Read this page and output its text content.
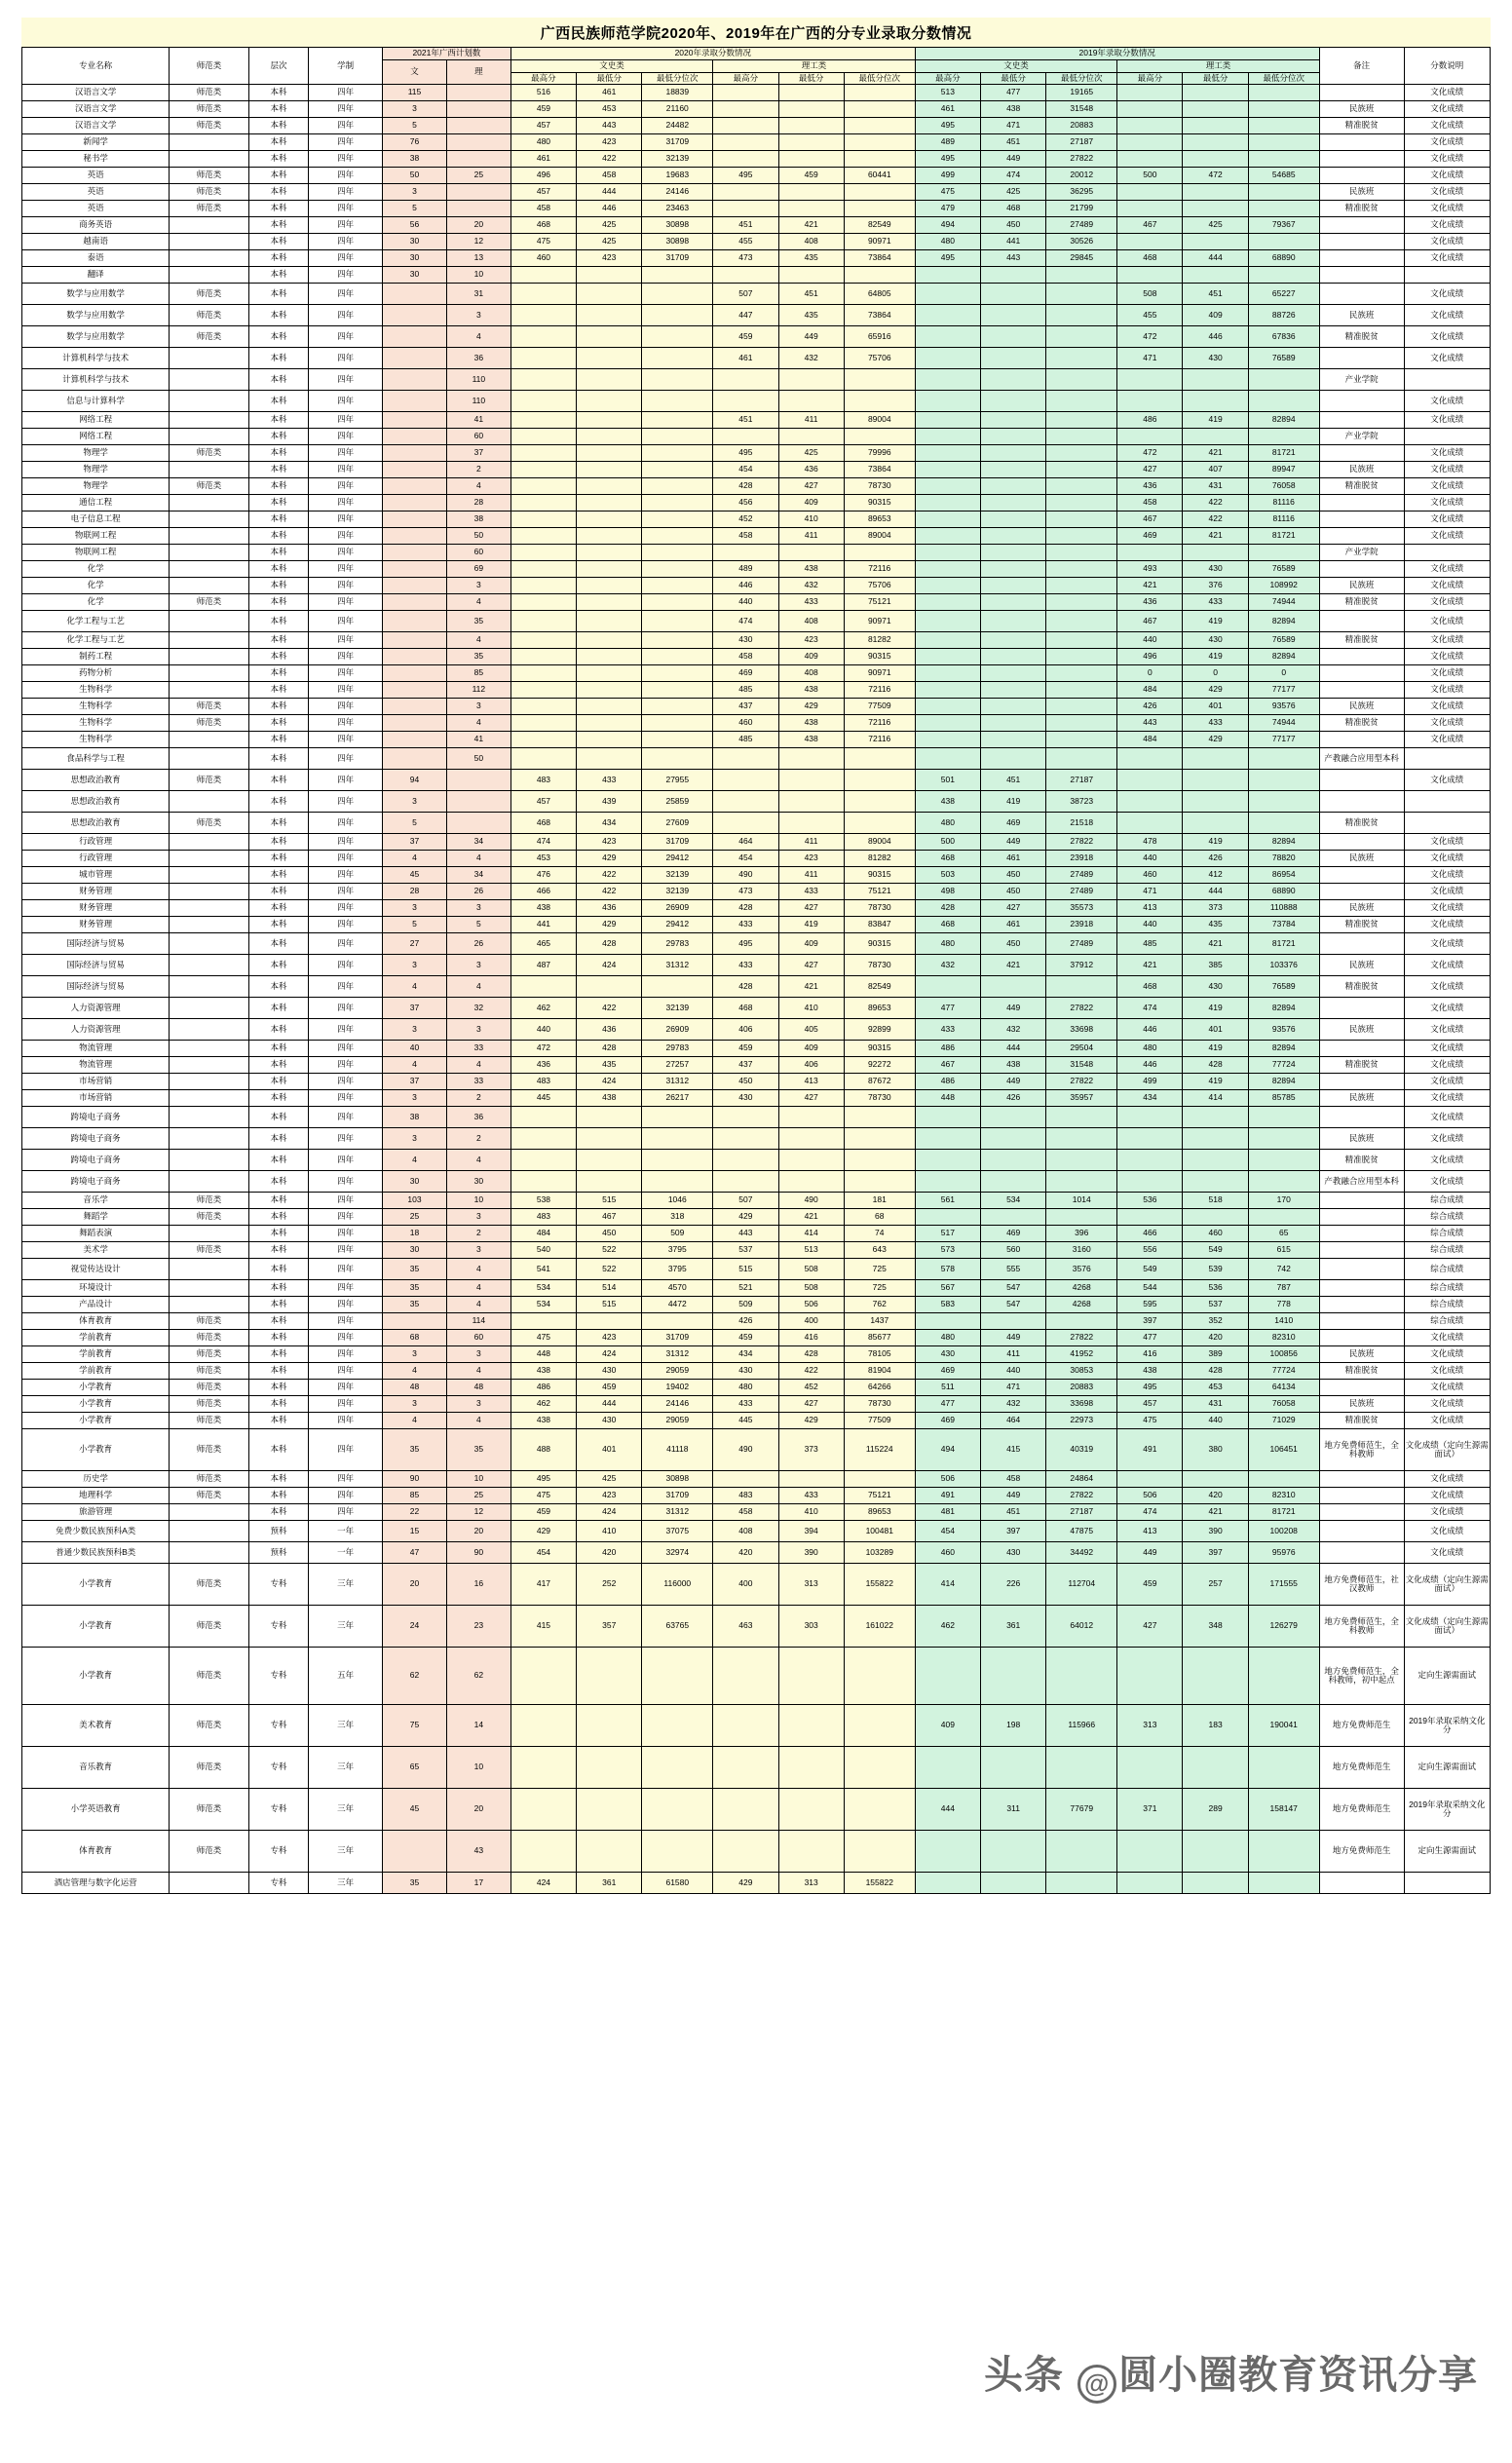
广西民族师范学院2020年、2019年在广西的分专业录取分数情况
专业名称	师范类	层次	学制	2021年广西计划数		2020年录取分数情况						2019年录取分数情况						备注	分数说明
				文	理	文史类			理工类			文史类			理工类				
						最高分	最低分	最低分位次	最高分	最低分	最低分位次	最高分	最低分	最低分位次	最高分	最低分	最低分位次		
汉语言文学	师范类	本科	四年	115		516	461	18839				513	477	19165					文化成绩
汉语言文学	师范类	本科	四年	3		459	453	21160				461	438	31548				民族班	文化成绩
汉语言文学	师范类	本科	四年	5		457	443	24482				495	471	20883				精准脱贫	文化成绩
新闻学		本科	四年	76		480	423	31709				489	451	27187					文化成绩
秘书学		本科	四年	38		461	422	32139				495	449	27822					文化成绩
英语	师范类	本科	四年	50	25	496	458	19683	495	459	60441	499	474	20012	500	472	54685		文化成绩
英语	师范类	本科	四年	3		457	444	24146				475	425	36295				民族班	文化成绩
英语	师范类	本科	四年	5		458	446	23463				479	468	21799				精准脱贫	文化成绩
商务英语		本科	四年	56	20	468	425	30898	451	421	82549	494	450	27489	467	425	79367		文化成绩
越南语		本科	四年	30	12	475	425	30898	455	408	90971	480	441	30526					文化成绩
泰语		本科	四年	30	13	460	423	31709	473	435	73864	495	443	29845	468	444	68890		文化成绩
翻译		本科	四年	30	10														
数学与应用数学	师范类	本科	四年		31				507	451	64805				508	451	65227		文化成绩
数学与应用数学	师范类	本科	四年		3				447	435	73864				455	409	88726	民族班	文化成绩
数学与应用数学	师范类	本科	四年		4				459	449	65916				472	446	67836	精准脱贫	文化成绩
计算机科学与技术		本科	四年		36				461	432	75706				471	430	76589		文化成绩
计算机科学与技术		本科	四年		110													产业学院	
信息与计算科学		本科	四年		110														文化成绩
网络工程		本科	四年		41				451	411	89004				486	419	82894		文化成绩
网络工程		本科	四年		60													产业学院	
物理学	师范类	本科	四年		37				495	425	79996				472	421	81721		文化成绩
物理学		本科	四年		2				454	436	73864				427	407	89947	民族班	文化成绩
物理学	师范类	本科	四年		4				428	427	78730				436	431	76058	精准脱贫	文化成绩
通信工程		本科	四年		28				456	409	90315				458	422	81116		文化成绩
电子信息工程		本科	四年		38				452	410	89653				467	422	81116		文化成绩
物联网工程		本科	四年		50				458	411	89004				469	421	81721		文化成绩
物联网工程		本科	四年		60													产业学院	
化学		本科	四年		69				489	438	72116				493	430	76589		文化成绩
化学		本科	四年		3				446	432	75706				421	376	108992	民族班	文化成绩
化学	师范类	本科	四年		4				440	433	75121				436	433	74944	精准脱贫	文化成绩
化学工程与工艺		本科	四年		35				474	408	90971				467	419	82894		文化成绩
化学工程与工艺		本科	四年		4				430	423	81282				440	430	76589	精准脱贫	文化成绩
制药工程		本科	四年		35				458	409	90315				496	419	82894		文化成绩
药物分析		本科	四年		85				469	408	90971				0	0	0		文化成绩
生物科学		本科	四年		112				485	438	72116				484	429	77177		文化成绩
生物科学	师范类	本科	四年		3				437	429	77509				426	401	93576	民族班	文化成绩
生物科学	师范类	本科	四年		4				460	438	72116				443	433	74944	精准脱贫	文化成绩
生物科学		本科	四年		41				485	438	72116				484	429	77177		文化成绩
食品科学与工程		本科	四年		50													产教融合应用型本科	
思想政治教育	师范类	本科	四年	94		483	433	27955				501	451	27187					文化成绩
思想政治教育		本科	四年	3		457	439	25859				438	419	38723					
思想政治教育	师范类	本科	四年	5		468	434	27609				480	469	21518				精准脱贫	
行政管理		本科	四年	37	34	474	423	31709	464	411	89004	500	449	27822	478	419	82894		文化成绩
行政管理		本科	四年	4	4	453	429	29412	454	423	81282	468	461	23918	440	426	78820	民族班	文化成绩
城市管理		本科	四年	45	34	476	422	32139	490	411	90315	503	450	27489	460	412	86954		文化成绩
财务管理		本科	四年	28	26	466	422	32139	473	433	75121	498	450	27489	471	444	68890		文化成绩
财务管理		本科	四年	3	3	438	436	26909	428	427	78730	428	427	35573	413	373	110888	民族班	文化成绩
财务管理		本科	四年	5	5	441	429	29412	433	419	83847	468	461	23918	440	435	73784	精准脱贫	文化成绩
国际经济与贸易		本科	四年	27	26	465	428	29783	495	409	90315	480	450	27489	485	421	81721		文化成绩
国际经济与贸易		本科	四年	3	3	487	424	31312	433	427	78730	432	421	37912	421	385	103376	民族班	文化成绩
国际经济与贸易		本科	四年	4	4				428	421	82549				468	430	76589	精准脱贫	文化成绩
人力资源管理		本科	四年	37	32	462	422	32139	468	410	89653	477	449	27822	474	419	82894		文化成绩
人力资源管理		本科	四年	3	3	440	436	26909	406	405	92899	433	432	33698	446	401	93576	民族班	文化成绩
物流管理		本科	四年	40	33	472	428	29783	459	409	90315	486	444	29504	480	419	82894		文化成绩
物流管理		本科	四年	4	4	436	435	27257	437	406	92272	467	438	31548	446	428	77724	精准脱贫	文化成绩
市场营销		本科	四年	37	33	483	424	31312	450	413	87672	486	449	27822	499	419	82894		文化成绩
市场营销		本科	四年	3	2	445	438	26217	430	427	78730	448	426	35957	434	414	85785	民族班	文化成绩
跨境电子商务		本科	四年	38	36														文化成绩
跨境电子商务		本科	四年	3	2													民族班	文化成绩
跨境电子商务		本科	四年	4	4													精准脱贫	文化成绩
跨境电子商务		本科	四年	30	30													产教融合应用型本科	文化成绩
音乐学	师范类	本科	四年	103	10	538	515	1046	507	490	181	561	534	1014	536	518	170		综合成绩
舞蹈学	师范类	本科	四年	25	3	483	467	318	429	421	68								综合成绩
舞蹈表演		本科	四年	18	2	484	450	509	443	414	74	517	469	396	466	460	65		综合成绩
美术学	师范类	本科	四年	30	3	540	522	3795	537	513	643	573	560	3160	556	549	615		综合成绩
视觉传达设计		本科	四年	35	4	541	522	3795	515	508	725	578	555	3576	549	539	742		综合成绩
环境设计		本科	四年	35	4	534	514	4570	521	508	725	567	547	4268	544	536	787		综合成绩
产品设计		本科	四年	35	4	534	515	4472	509	506	762	583	547	4268	595	537	778		综合成绩
体育教育	师范类	本科	四年		114				426	400	1437				397	352	1410		综合成绩
学前教育	师范类	本科	四年	68	60	475	423	31709	459	416	85677	480	449	27822	477	420	82310		文化成绩
学前教育	师范类	本科	四年	3	3	448	424	31312	434	428	78105	430	411	41952	416	389	100856	民族班	文化成绩
学前教育	师范类	本科	四年	4	4	438	430	29059	430	422	81904	469	440	30853	438	428	77724	精准脱贫	文化成绩
小学教育	师范类	本科	四年	48	48	486	459	19402	480	452	64266	511	471	20883	495	453	64134		文化成绩
小学教育	师范类	本科	四年	3	3	462	444	24146	433	427	78730	477	432	33698	457	431	76058	民族班	文化成绩
小学教育	师范类	本科	四年	4	4	438	430	29059	445	429	77509	469	464	22973	475	440	71029	精准脱贫	文化成绩
小学教育	师范类	本科	四年	35	35	488	401	41118	490	373	115224	494	415	40319	491	380	106451	地方免费师范生，全科教师	文化成绩（定向生源需面试）
历史学	师范类	本科	四年	90	10	495	425	30898				506	458	24864					文化成绩
地理科学	师范类	本科	四年	85	25	475	423	31709	483	433	75121	491	449	27822	506	420	82310		文化成绩
旅游管理		本科	四年	22	12	459	424	31312	458	410	89653	481	451	27187	474	421	81721		文化成绩
免费少数民族预科A类		预科	一年	15	20	429	410	37075	408	394	100481	454	397	47875	413	390	100208		文化成绩
普通少数民族预科B类		预科	一年	47	90	454	420	32974	420	390	103289	460	430	34492	449	397	95976		文化成绩
小学教育	师范类	专科	三年	20	16	417	252	116000	400	313	155822	414	226	112704	459	257	171555	地方免费师范生，社汉教师	文化成绩（定向生源需面试）
小学教育	师范类	专科	三年	24	23	415	357	63765	463	303	161022	462	361	64012	427	348	126279	地方免费师范生，全科教师	文化成绩（定向生源需面试）
小学教育	师范类	专科	五年	62	62													地方免费师范生，全科教师，初中起点	定向生源需面试
美术教育	师范类	专科	三年	75	14							409	198	115966	313	183	190041	地方免费师范生	2019年录取采纳文化分
音乐教育	师范类	专科	三年	65	10													地方免费师范生	定向生源需面试
小学英语教育	师范类	专科	三年	45	20							444	311	77679	371	289	158147	地方免费师范生	2019年录取采纳文化分
体育教育	师范类	专科	三年		43													地方免费师范生	定向生源需面试
酒店管理与数字化运营		专科	三年	35	17	424	361	61580	429	313	155822								
头条 @ 圆小圈教育资讯分享
